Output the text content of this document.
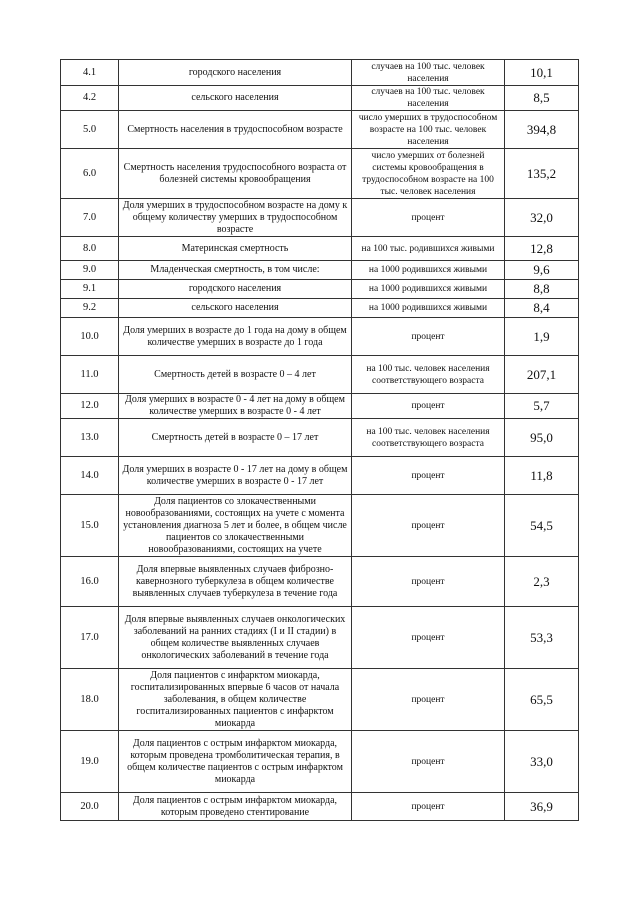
4.1	городского населения	случаев на 100 тыс. человек населения	10,1
4.2	сельского населения	случаев на 100 тыс. человек населения	8,5
5.0	Смертность населения в трудоспособном возрасте	число умерших в трудоспособном возрасте на 100 тыс. человек населения	394,8
6.0	Смертность населения трудоспособного возраста от болезней системы кровообращения	число умерших от болезней системы кровообращения в трудоспособном возрасте на 100 тыс. человек населения	135,2
7.0	Доля умерших в трудоспособном возрасте на дому к общему количеству умерших в трудоспособном возрасте	процент	32,0
8.0	Материнская смертность	на 100 тыс. родившихся живыми	12,8
9.0	Младенческая смертность, в том числе:	на 1000 родившихся живыми	9,6
9.1	городского населения	на 1000 родившихся живыми	8,8
9.2	сельского населения	на 1000 родившихся живыми	8,4
10.0	Доля умерших в возрасте до 1 года на дому в общем количестве умерших в возрасте до 1 года	процент	1,9
11.0	Смертность детей в возрасте 0 – 4 лет	на 100 тыс. человек населения соответствующего возраста	207,1
12.0	Доля умерших в возрасте 0 - 4 лет на дому в общем количестве умерших в возрасте 0 - 4 лет	процент	5,7
13.0	Смертность детей в возрасте 0 – 17 лет	на 100 тыс. человек населения соответствующего возраста	95,0
14.0	Доля умерших в возрасте 0 - 17 лет на дому в общем количестве умерших в возрасте 0 - 17 лет	процент	11,8
15.0	Доля пациентов со злокачественными новообразованиями, состоящих на учете с момента установления диагноза 5 лет и более, в общем числе пациентов со злокачественными новообразованиями, состоящих на учете	процент	54,5
16.0	Доля впервые выявленных случаев фиброзно-кавернозного туберкулеза в общем количестве выявленных случаев туберкулеза в течение года	процент	2,3
17.0	Доля впервые выявленных случаев онкологических заболеваний на ранних стадиях (I и II стадии) в общем количестве выявленных случаев онкологических заболеваний в течение года	процент	53,3
18.0	Доля пациентов с инфарктом миокарда, госпитализированных впервые 6 часов от начала заболевания, в общем количестве госпитализированных пациентов с инфарктом миокарда	процент	65,5
19.0	Доля пациентов с острым инфарктом миокарда, которым проведена тромболитическая терапия, в общем количестве пациентов с острым инфарктом миокарда	процент	33,0
20.0	Доля пациентов с острым инфарктом миокарда, которым проведено стентирование	процент	36,9
